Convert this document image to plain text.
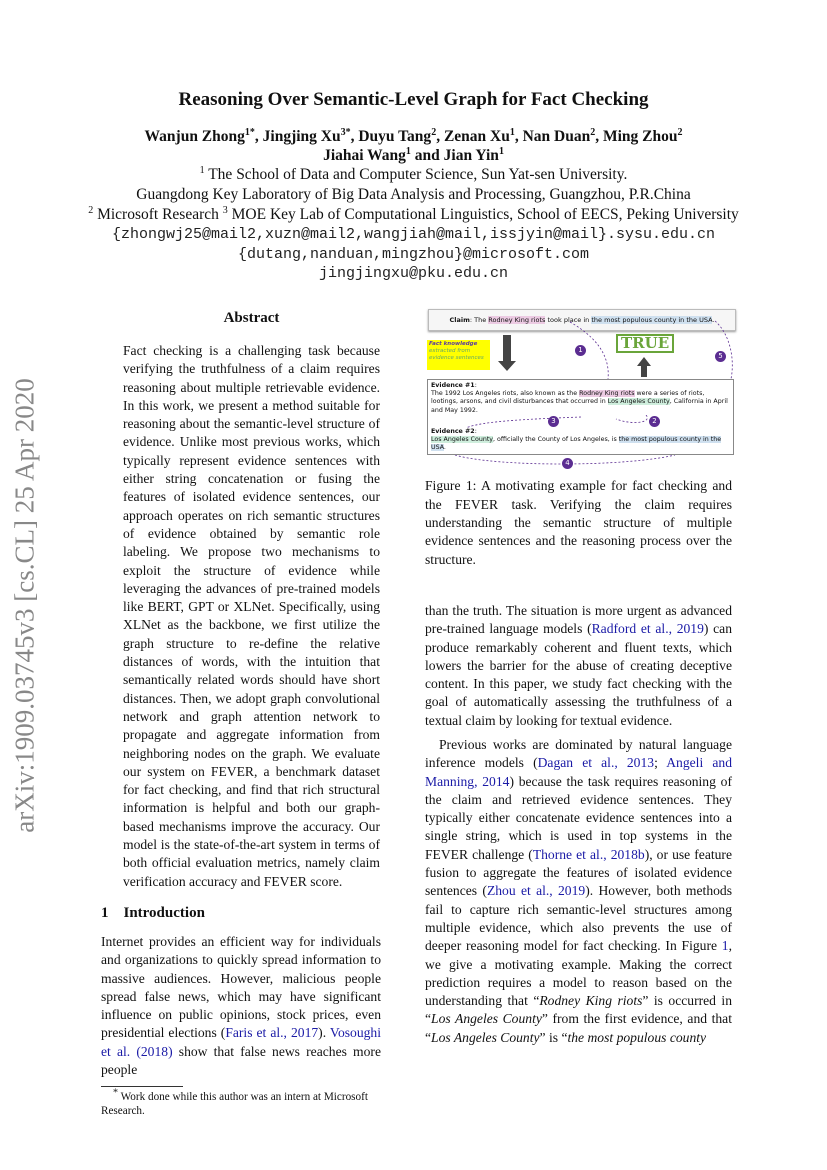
arXiv:1909.03745v3 [cs.CL] 25 Apr 2020
Reasoning Over Semantic-Level Graph for Fact Checking
Wanjun Zhong$^{1*}$, Jingjing $Xu^{3*}$, Duyu Tang$^2$, Zenan Xu$^1$, Nan Duan$^2$, Ming Zhou$^2$
Jiahai Wang$^1$ and Jian Yin$^1$
$^1$ The School of Data and Computer Science, Sun Yat-sen University.
Guangdong Key Laboratory of Big Data Analysis and Processing, Guangzhou, P.R.China
$^2$ Microsoft Research $^3$ MOE Key Lab of Computational Linguistics, School of EECS, Peking University
{zhongwj25@mail2,xuzn@mail2,wangjiah@mail,issjyin@mail}.sysu.edu.cn
{dutang,nanduan,mingzhou}@microsoft.com
jingjingxu@pku.edu.cn
Abstract
Fact checking is a challenging task because verifying the truthfulness of a claim requires reasoning about multiple retrievable evidence. In this work, we present a method suitable for reasoning about the semantic-level structure of evidence. Unlike most previous works, which typically represent evidence sentences with either string concatenation or fusing the features of isolated evidence sentences, our approach operates on rich semantic structures of evidence obtained by semantic role labeling. We propose two mechanisms to exploit the structure of evidence while leveraging the advances of pre-trained models like BERT, GPT or XLNet. Specifically, using XLNet as the backbone, we first utilize the graph structure to re-define the relative distances of words, with the intuition that semantically related words should have short distances. Then, we adopt graph convolutional network and graph attention network to propagate and aggregate information from neighboring nodes on the graph. We evaluate our system on FEVER, a benchmark dataset for fact checking, and find that rich structural information is helpful and both our graph-based mechanisms improve the accuracy. Our model is the state-of-the-art system in terms of both official evaluation metrics, namely claim verification accuracy and FEVER score.
1 Introduction
Internet provides an efficient way for individuals and organizations to quickly spread information to massive audiences. However, malicious people spread false news, which may have significant influence on public opinions, stock prices, even presidential elections (Faris et al., 2017). Vosoughi et al. (2018) show that false news reaches more people
* Work done while this author was an intern at Microsoft Research.
Claim: The Rodney King riots took place in the most populous county in the USA.
Fact knowledge
extracted from evidence sentences
TRUE
1
5
Evidence #1:
The 1992 Los Angeles riots, also known as the Rodney King riots were a series of riots, lootings, arsons, and civil disturbances that occurred in Los Angeles County, California in April and May 1992.
2
3
Evidence #2:
Los Angeles County, officially the County of Los Angeles, is the most populous county in the USA.
4
Figure 1: A motivating example for fact checking and the FEVER task. Verifying the claim requires understanding the semantic structure of multiple evidence sentences and the reasoning process over the structure.
than the truth. The situation is more urgent as advanced pre-trained language models (Radford et al., 2019) can produce remarkably coherent and fluent texts, which lowers the barrier for the abuse of creating deceptive content. In this paper, we study fact checking with the goal of automatically assessing the truthfulness of a textual claim by looking for textual evidence.
Previous works are dominated by natural language inference models (Dagan et al., 2013; Angeli and Manning, 2014) because the task requires reasoning of the claim and retrieved evidence sentences. They typically either concatenate evidence sentences into a single string, which is used in top systems in the FEVER challenge (Thorne et al., 2018b), or use feature fusion to aggregate the features of isolated evidence sentences (Zhou et al., 2019). However, both methods fail to capture rich semantic-level structures among multiple evidence, which also prevents the use of deeper reasoning model for fact checking. In Figure 1, we give a motivating example. Making the correct prediction requires a model to reason based on the understanding that “Rodney King riots” is occurred in “Los Angeles County” from the first evidence, and that “Los Angeles County” is “the most populous county
